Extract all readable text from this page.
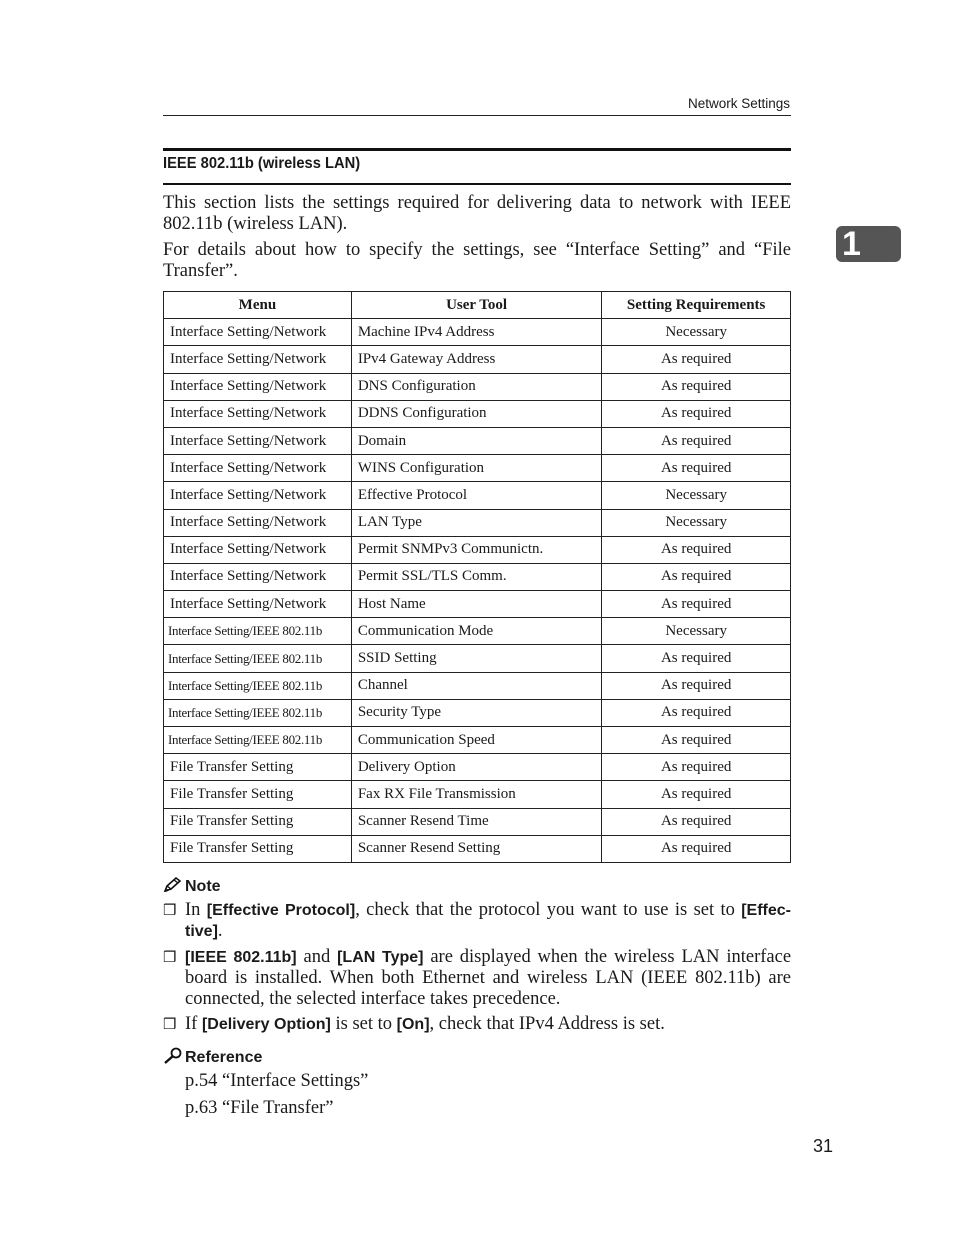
Network Settings
IEEE 802.11b (wireless LAN)
1
This section lists the settings required for delivering data to network with IEEE 802.11b (wireless LAN).
For details about how to specify the settings, see “Interface Setting” and “File Transfer”.
Menu	User Tool	Setting Requirements
Interface Setting/Network	Machine IPv4 Address	Necessary
Interface Setting/Network	IPv4 Gateway Address	As required
Interface Setting/Network	DNS Configuration	As required
Interface Setting/Network	DDNS Configuration	As required
Interface Setting/Network	Domain	As required
Interface Setting/Network	WINS Configuration	As required
Interface Setting/Network	Effective Protocol	Necessary
Interface Setting/Network	LAN Type	Necessary
Interface Setting/Network	Permit SNMPv3 Communictn.	As required
Interface Setting/Network	Permit SSL/TLS Comm.	As required
Interface Setting/Network	Host Name	As required
Interface Setting/IEEE 802.11b	Communication Mode	Necessary
Interface Setting/IEEE 802.11b	SSID Setting	As required
Interface Setting/IEEE 802.11b	Channel	As required
Interface Setting/IEEE 802.11b	Security Type	As required
Interface Setting/IEEE 802.11b	Communication Speed	As required
File Transfer Setting	Delivery Option	As required
File Transfer Setting	Fax RX File Transmission	As required
File Transfer Setting	Scanner Resend Time	As required
File Transfer Setting	Scanner Resend Setting	As required
Note
❒ In [Effective Protocol], check that the protocol you want to use is set to [Effec-tive].
❒ [IEEE 802.11b] and [LAN Type] are displayed when the wireless LAN interface board is installed. When both Ethernet and wireless LAN (IEEE 802.11b) are connected, the selected interface takes precedence.
❒ If [Delivery Option] is set to [On], check that IPv4 Address is set.
Reference
p.54 “Interface Settings”
p.63 “File Transfer”
31
